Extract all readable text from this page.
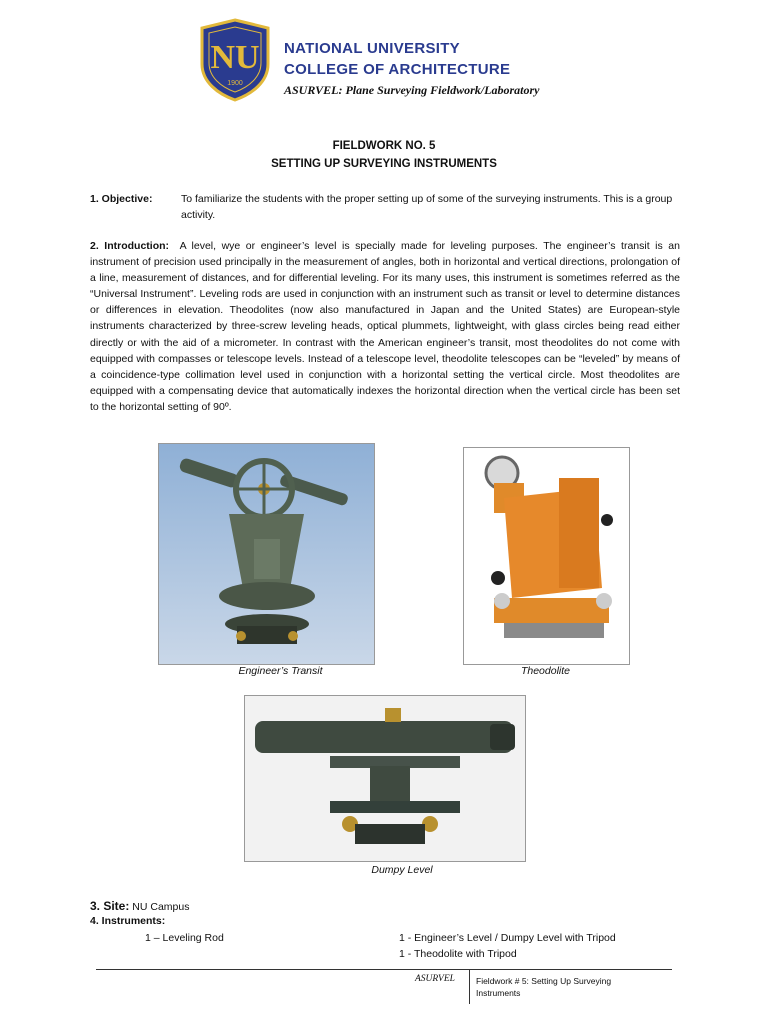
NU
1900
NATIONAL UNIVERSITY
COLLEGE OF ARCHITECTURE
ASURVEL: Plane Surveying Fieldwork/Laboratory
FIELDWORK NO. 5
SETTING UP SURVEYING INSTRUMENTS
1. Objective:	To familiarize the students with the proper setting up of some of the surveying instruments. This is a group activity.
2. Introduction: A level, wye or engineer’s level is specially made for leveling purposes. The engineer’s transit is an instrument of precision used principally in the measurement of angles, both in horizontal and vertical directions, prolongation of a line, measurement of distances, and for differential leveling. For its many uses, this instrument is sometimes referred as the “Universal Instrument”. Leveling rods are used in conjunction with an instrument such as transit or level to determine distances or differences in elevation. Theodolites (now also manufactured in Japan and the United States) are European-style instruments characterized by three-screw leveling heads, optical plummets, lightweight, with glass circles being read either directly or with the aid of a micrometer. In contrast with the American engineer’s transit, most theodolites do not come with equipped with compasses or telescope levels. Instead of a telescope level, theodolite telescopes can be “leveled” by means of a coincidence-type collimation level used in conjunction with a horizontal setting the vertical circle. Most theodolites are equipped with a compensating device that automatically indexes the horizontal direction when the vertical circle has been set to the horizontal setting of 90º.
Engineer’s Transit	Theodolite
Dumpy Level
3. Site: NU Campus
4. Instruments:
1 – Leveling Rod	1 - Engineer’s Level / Dumpy Level with Tripod
1 - Theodolite with Tripod
ASURVEL Fieldwork # 5: Setting Up Surveying Instruments
